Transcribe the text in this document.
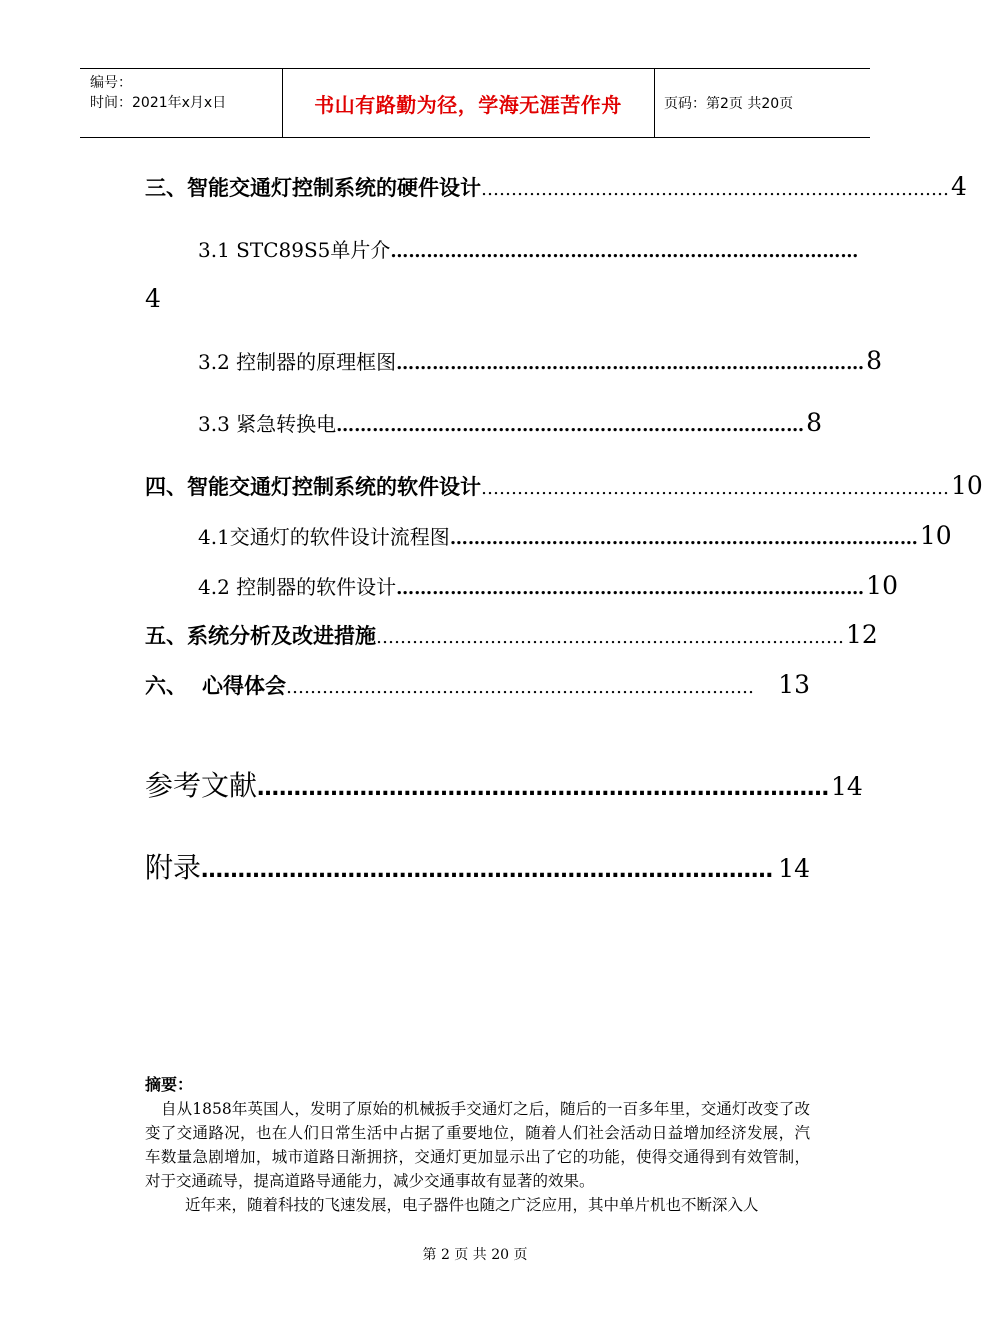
编号：
时间：2021年x月x日	书山有路勤为径，学海无涯苦作舟	页码：第2页 共20页
三、 智能交通灯控制系统的硬件设计 …………………………………………………………………… 4
3.1 STC89S5单片介 ……………………………………………………………………
4
3.2 控制器的原理框图 …………………………………………………………………… 8
3.3 紧急转换电 …………………………………………………………………… 8
四、 智能交通灯控制系统的软件设计 …………………………………………………………………… 10
4.1交通灯的软件设计流程图 …………………………………………………………………… 10
4.2 控制器的软件设计 …………………………………………………………………… 10
五、 系统分析及改进措施 …………………………………………………………………… 12
六、 心得体会 …………………………………………………………………… 13
参考文献 …………………………………………………………………… 14
附录 …………………………………………………………………… 14
摘要：
自从1858年英国人，发明了原始的机械扳手交通灯之后，随后的一百多年里，交通灯改变了改变了交通路况，也在人们日常生活中占据了重要地位，随着人们社会活动日益增加经济发展，汽车数量急剧增加，城市道路日渐拥挤，交通灯更加显示出了它的功能，使得交通得到有效管制，对于交通疏导，提高道路导通能力，减少交通事故有显著的效果。
近年来，随着科技的飞速发展，电子器件也随之广泛应用，其中单片机也不断深入人
第 2 页 共 20 页
